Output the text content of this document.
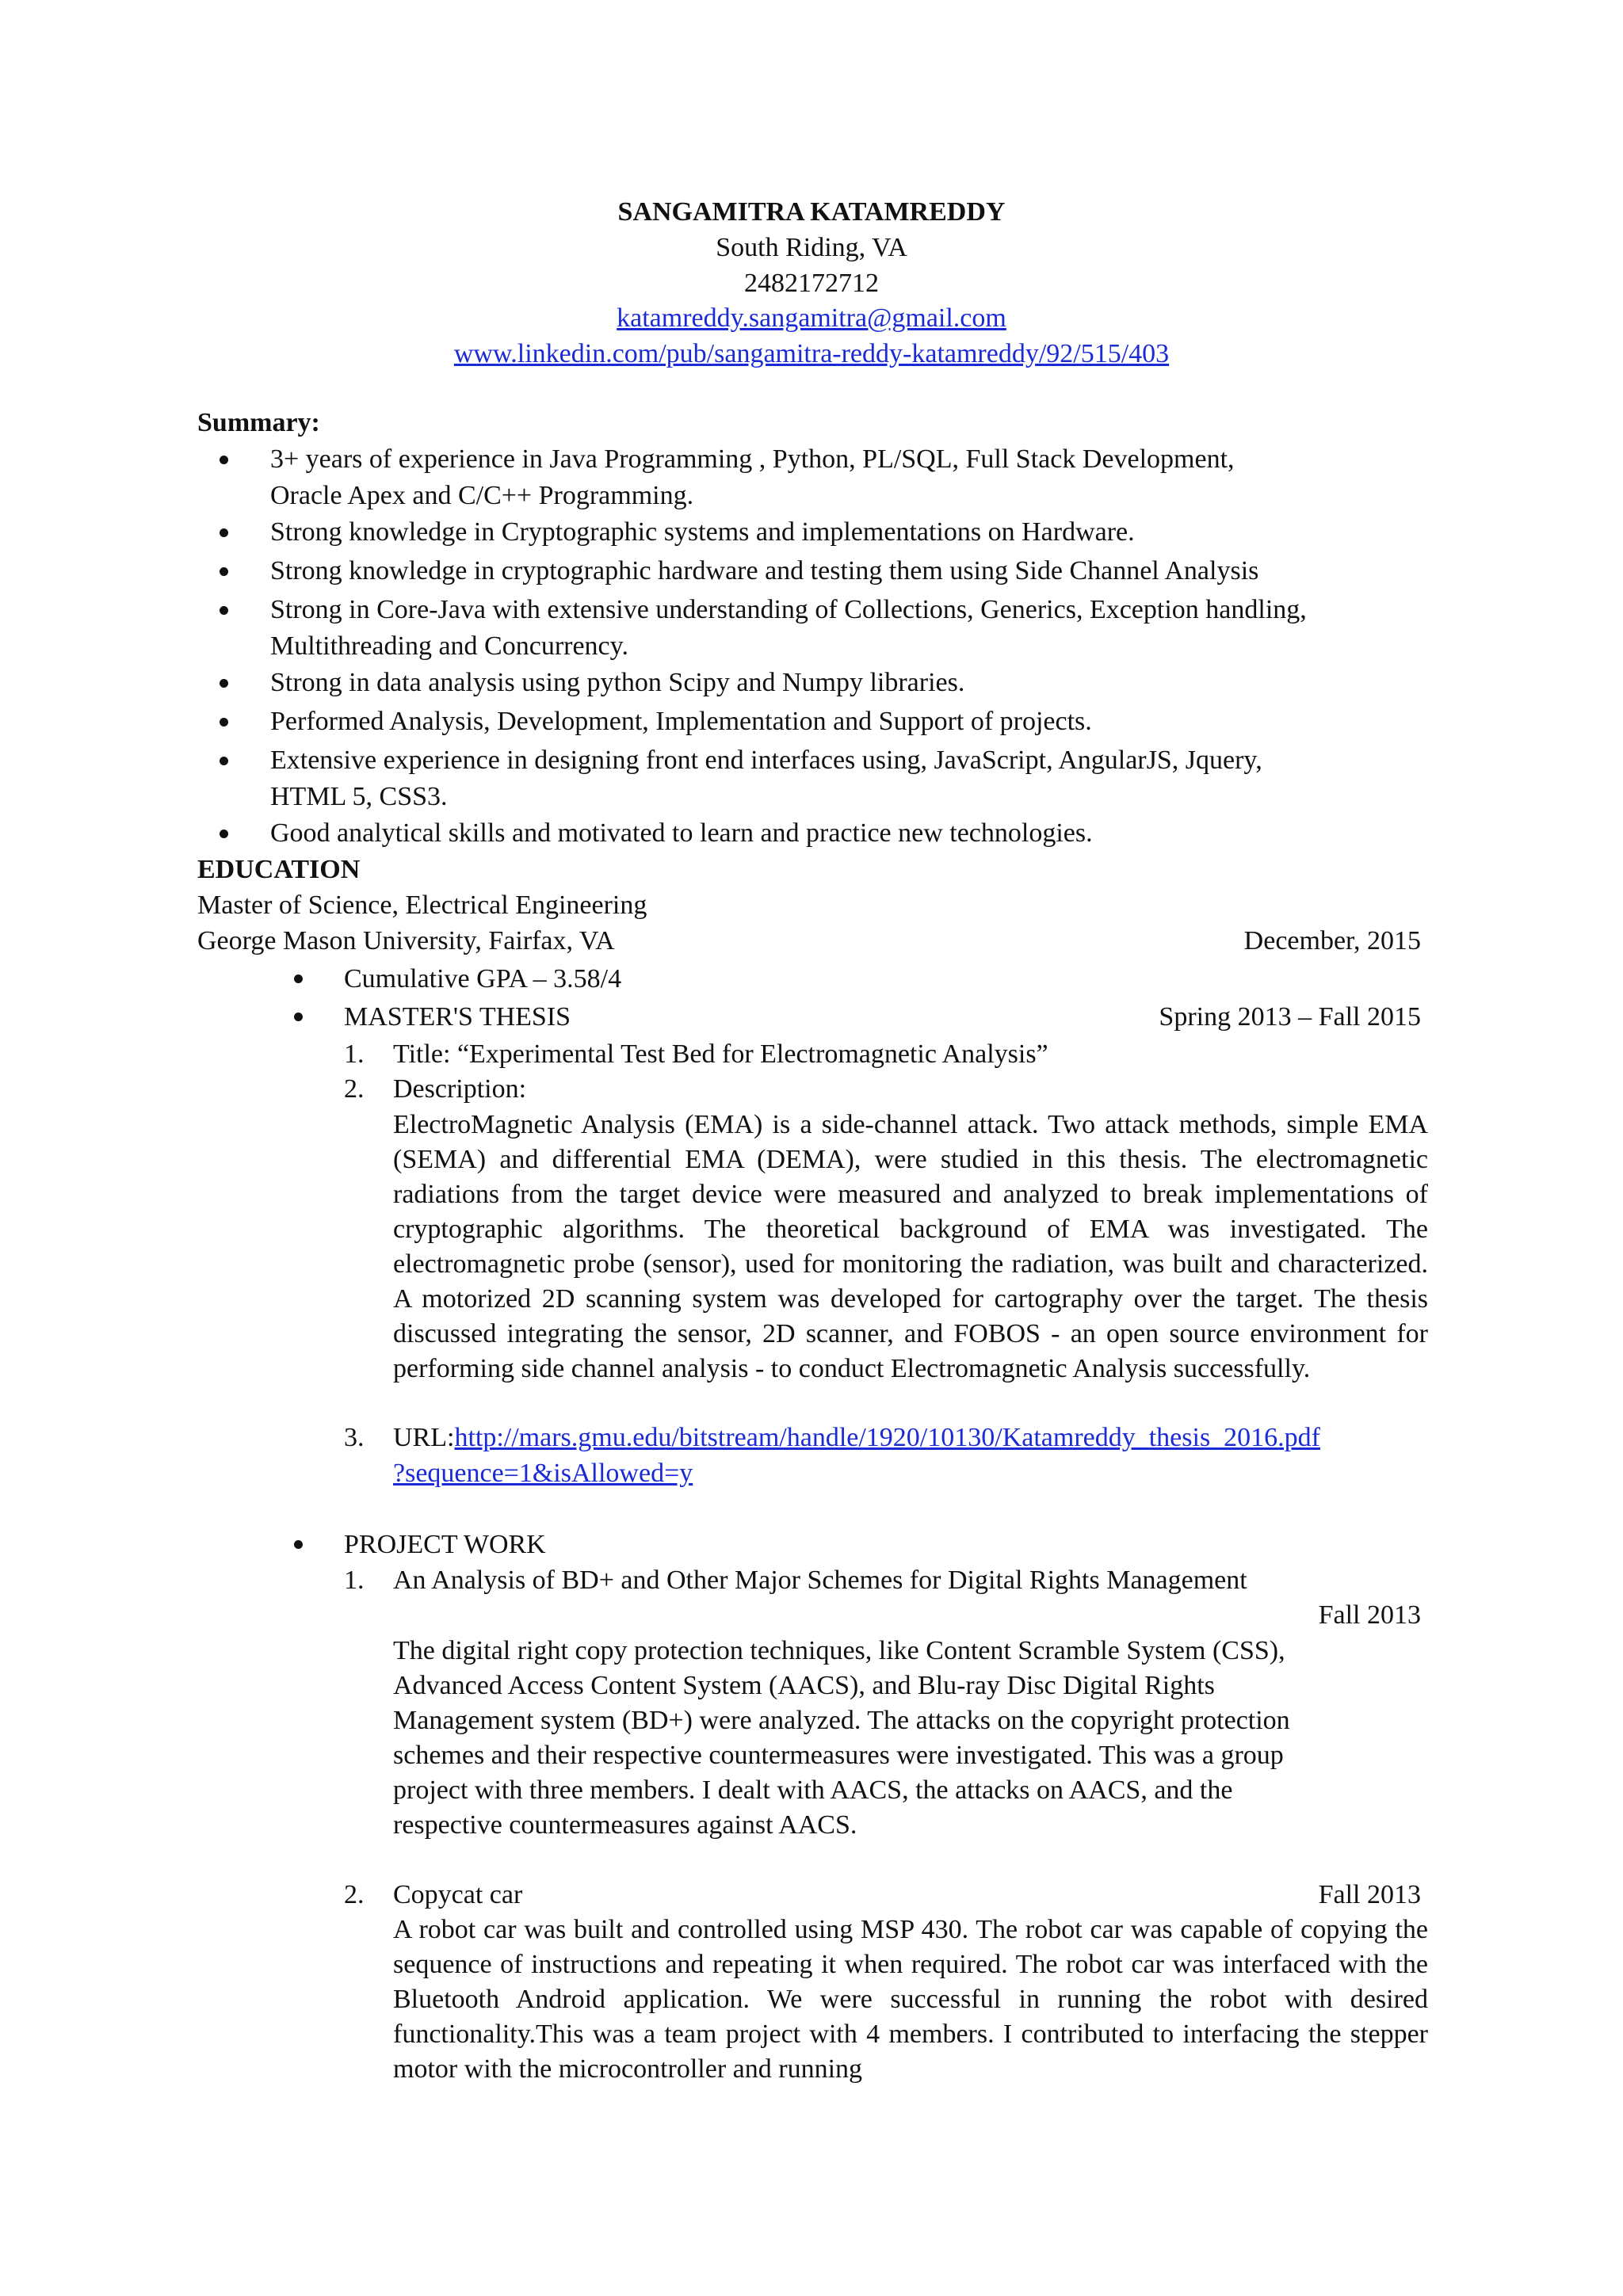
SANGAMITRA KATAMREDDY
South Riding, VA
2482172712
katamreddy.sangamitra@gmail.com
www.linkedin.com/pub/sangamitra-reddy-katamreddy/92/515/403
Summary:
3+ years of experience in Java Programming , Python, PL/SQL, Full Stack Development,
Oracle Apex and C/C++ Programming.
Strong knowledge in Cryptographic systems and implementations on Hardware.
Strong knowledge in cryptographic hardware and testing them using Side Channel Analysis
Strong in Core-Java with extensive understanding of Collections, Generics, Exception handling,
Multithreading and Concurrency.
Strong in data analysis using python Scipy and Numpy libraries.
Performed Analysis, Development, Implementation and Support of projects.
Extensive experience in designing front end interfaces using, JavaScript, AngularJS, Jquery,
HTML 5, CSS3.
Good analytical skills and motivated to learn and practice new technologies.
EDUCATION
Master of Science, Electrical Engineering
George Mason University, Fairfax, VA	December, 2015
Cumulative GPA – 3.58/4
MASTER'S THESIS	Spring 2013 – Fall 2015
1. Title: “Experimental Test Bed for Electromagnetic Analysis”
2. Description:

ElectroMagnetic Analysis (EMA) is a side-channel attack. Two attack methods, simple EMA (SEMA) and differential EMA (DEMA), were studied in this thesis. The electromagnetic radiations from the target device were measured and analyzed to break implementations of cryptographic algorithms. The theoretical background of EMA was investigated. The electromagnetic probe (sensor), used for monitoring the radiation, was built and characterized. A motorized 2D scanning system was developed for cartography over the target. The thesis discussed integrating the sensor, 2D scanner, and FOBOS - an open source environment for performing side channel analysis - to conduct Electromagnetic Analysis successfully.

3. URL:http://mars.gmu.edu/bitstream/handle/1920/10130/Katamreddy_thesis_2016.pdf
?sequence=1&isAllowed=y
PROJECT WORK
1. An Analysis of BD+ and Other Major Schemes for Digital Rights Management
Fall 2013
The digital right copy protection techniques, like Content Scramble System (CSS),
Advanced Access Content System (AACS), and Blu-ray Disc Digital Rights
Management system (BD+) were analyzed. The attacks on the copyright protection
schemes and their respective countermeasures were investigated. This was a group
project with three members. I dealt with AACS, the attacks on AACS, and the
respective countermeasures against AACS.
2. Copycat car	Fall 2013

A robot car was built and controlled using MSP 430. The robot car was capable of copying the sequence of instructions and repeating it when required. The robot car was interfaced with the Bluetooth Android application. We were successful in running the robot with desired functionality.This was a team project with 4 members. I contributed to interfacing the stepper motor with the microcontroller and running
